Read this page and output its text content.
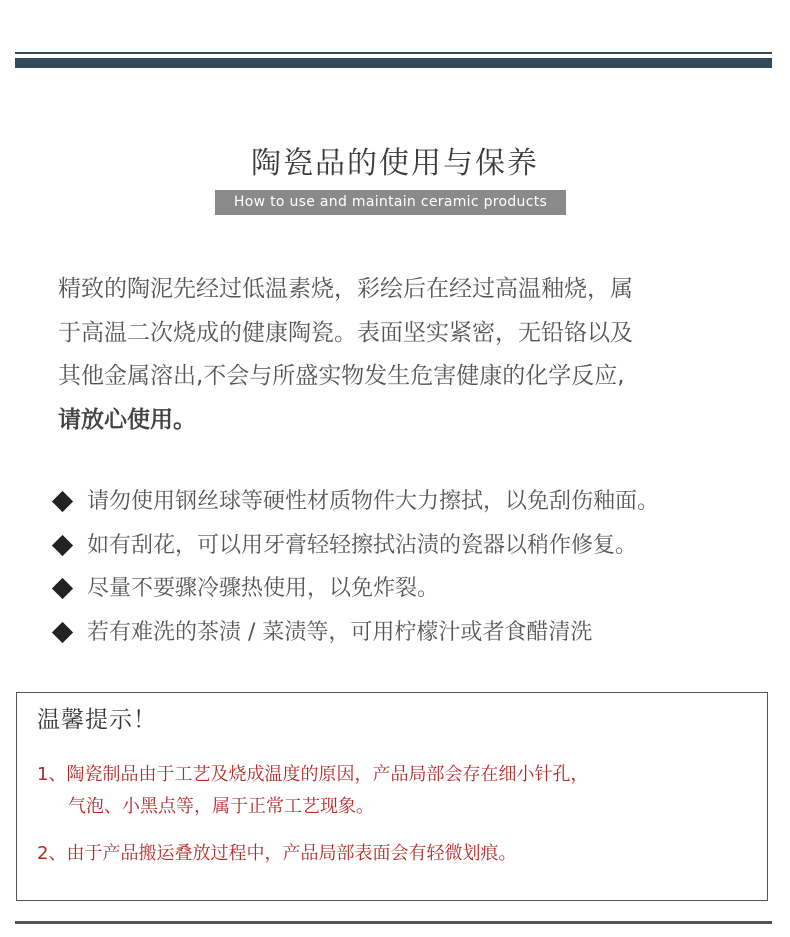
陶瓷品的使用与保养
How to use and maintain ceramic products
精致的陶泥先经过低温素烧，彩绘后在经过高温釉烧，属
于高温二次烧成的健康陶瓷。表面坚实紧密，无铅铬以及
其他金属溶出,不会与所盛实物发生危害健康的化学反应,
请放心使用。
请勿使用钢丝球等硬性材质物件大力擦拭，以免刮伤釉面。
如有刮花，可以用牙膏轻轻擦拭沾渍的瓷器以稍作修复。
尽量不要骤冷骤热使用，以免炸裂。
若有难洗的茶渍 / 菜渍等，可用柠檬汁或者食醋清洗
温馨提示！
1、陶瓷制品由于工艺及烧成温度的原因，产品局部会存在细小针孔，
气泡、小黑点等，属于正常工艺现象。
2、由于产品搬运叠放过程中，产品局部表面会有轻微划痕。
